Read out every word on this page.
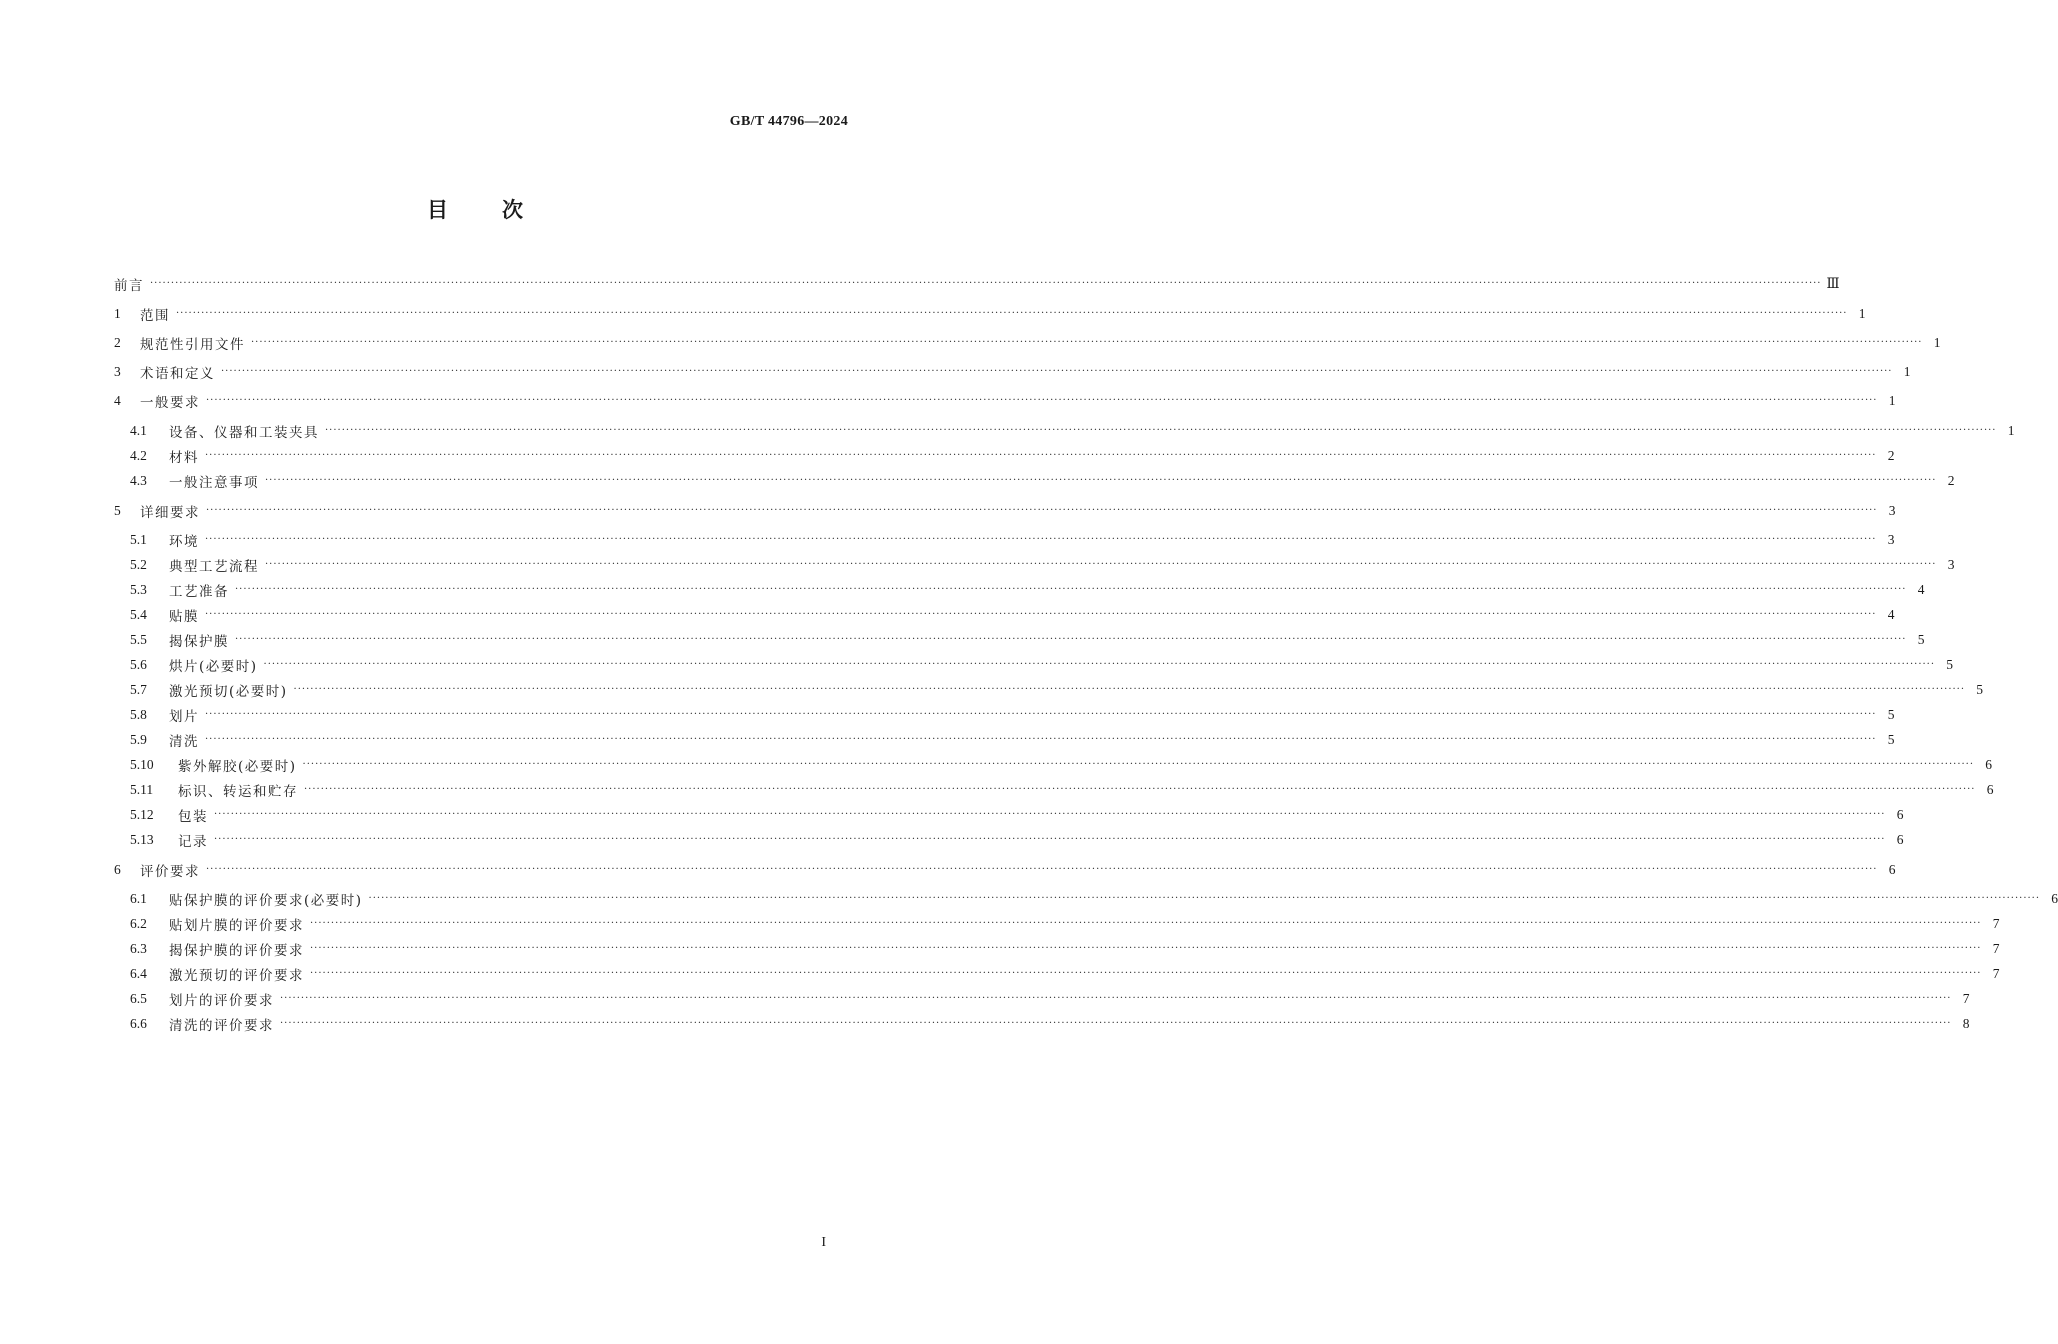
GB/T 44796—2024
目次
前言 ················································································································································································································································································································································································································ Ⅲ
1	范围 ················································································································································································································································································································································································································ 1
2	规范性引用文件 ················································································································································································································································································································································································································ 1
3	术语和定义 ················································································································································································································································································································································································································ 1
4	一般要求 ················································································································································································································································································································································································································ 1
4.1	设备、仪器和工装夹具 ················································································································································································································································································································································································································ 1
4.2	材料 ················································································································································································································································································································································································································ 2
4.3	一般注意事项 ················································································································································································································································································································································································································ 2
5	详细要求 ················································································································································································································································································································································································································ 3
5.1	环境 ················································································································································································································································································································································································································ 3
5.2	典型工艺流程 ················································································································································································································································································································································································································ 3
5.3	工艺准备 ················································································································································································································································································································································································································ 4
5.4	贴膜 ················································································································································································································································································································································································································ 4
5.5	揭保护膜 ················································································································································································································································································································································································································ 5
5.6	烘片(必要时) ················································································································································································································································································································································································································ 5
5.7	激光预切(必要时) ················································································································································································································································································································································································································ 5
5.8	划片 ················································································································································································································································································································································································································ 5
5.9	清洗 ················································································································································································································································································································································································································ 5
5.10	紫外解胶(必要时) ················································································································································································································································································································································································································ 6
5.11	标识、转运和贮存 ················································································································································································································································································································································································································ 6
5.12	包装 ················································································································································································································································································································································································································ 6
5.13	记录 ················································································································································································································································································································································································································ 6
6	评价要求 ················································································································································································································································································································································································································ 6
6.1	贴保护膜的评价要求(必要时) ················································································································································································································································································································································································································ 6
6.2	贴划片膜的评价要求 ················································································································································································································································································································································································································ 7
6.3	揭保护膜的评价要求 ················································································································································································································································································································································································································ 7
6.4	激光预切的评价要求 ················································································································································································································································································································································································································ 7
6.5	划片的评价要求 ················································································································································································································································································································································································································ 7
6.6	清洗的评价要求 ················································································································································································································································································································································································································ 8
I
